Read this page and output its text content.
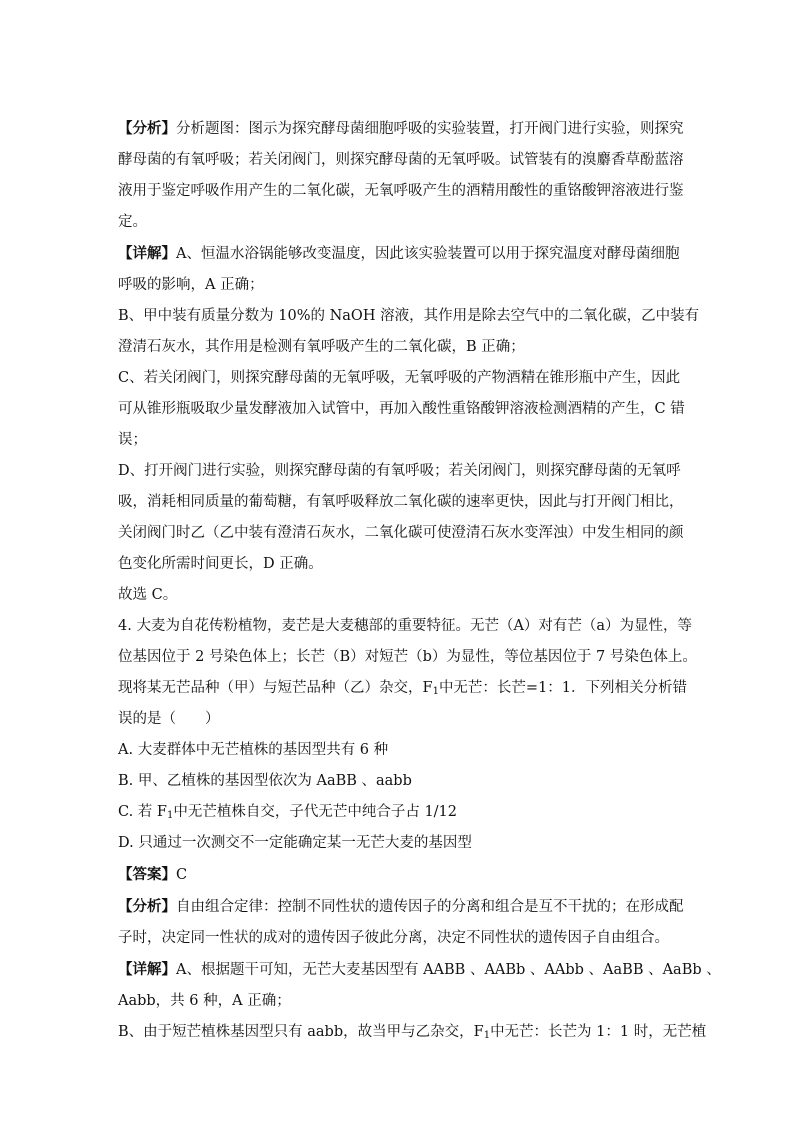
【分析】分析题图：图示为探究酵母菌细胞呼吸的实验装置，打开阀门进行实验，则探究
酵母菌的有氧呼吸；若关闭阀门，则探究酵母菌的无氧呼吸。试管装有的溴麝香草酚蓝溶
液用于鉴定呼吸作用产生的二氧化碳，无氧呼吸产生的酒精用酸性的重铬酸钾溶液进行鉴
定。
【详解】A、恒温水浴锅能够改变温度，因此该实验装置可以用于探究温度对酵母菌细胞
呼吸的影响，A 正确；
B、甲中装有质量分数为 10%的 NaOH 溶液，其作用是除去空气中的二氧化碳，乙中装有
澄清石灰水，其作用是检测有氧呼吸产生的二氧化碳，B 正确；
C、若关闭阀门，则探究酵母菌的无氧呼吸，无氧呼吸的产物酒精在锥形瓶中产生，因此
可从锥形瓶吸取少量发酵液加入试管中，再加入酸性重铬酸钾溶液检测酒精的产生，C 错
误；
D、打开阀门进行实验，则探究酵母菌的有氧呼吸；若关闭阀门，则探究酵母菌的无氧呼
吸，消耗相同质量的葡萄糖，有氧呼吸释放二氧化碳的速率更快，因此与打开阀门相比，
关闭阀门时乙（乙中装有澄清石灰水，二氧化碳可使澄清石灰水变浑浊）中发生相同的颜
色变化所需时间更长，D 正确。
故选 C。
4. 大麦为自花传粉植物，麦芒是大麦穗部的重要特征。无芒（A）对有芒（a）为显性，等
位基因位于 2 号染色体上；长芒（B）对短芒（b）为显性，等位基因位于 7 号染色体上。
现将某无芒品种（甲）与短芒品种（乙）杂交，$F_1$中无芒：长芒=1：1．下列相关分析错
误的是（　　）
A. 大麦群体中无芒植株的基因型共有 6 种
B. 甲、乙植株的基因型依次为 AaBB 、aabb
C. 若 $F_1$中无芒植株自交，子代无芒中纯合子占 1/12
D. 只通过一次测交不一定能确定某一无芒大麦的基因型
【答案】C
【分析】自由组合定律：控制不同性状的遗传因子的分离和组合是互不干扰的；在形成配
子时，决定同一性状的成对的遗传因子彼此分离，决定不同性状的遗传因子自由组合。
【详解】A、根据题干可知，无芒大麦基因型有 AABB 、AABb 、AAbb 、AaBB 、AaBb 、
Aabb，共 6 种，A 正确；
B、由于短芒植株基因型只有 aabb，故当甲与乙杂交，$F_1$中无芒：长芒为 1：1 时，无芒植
